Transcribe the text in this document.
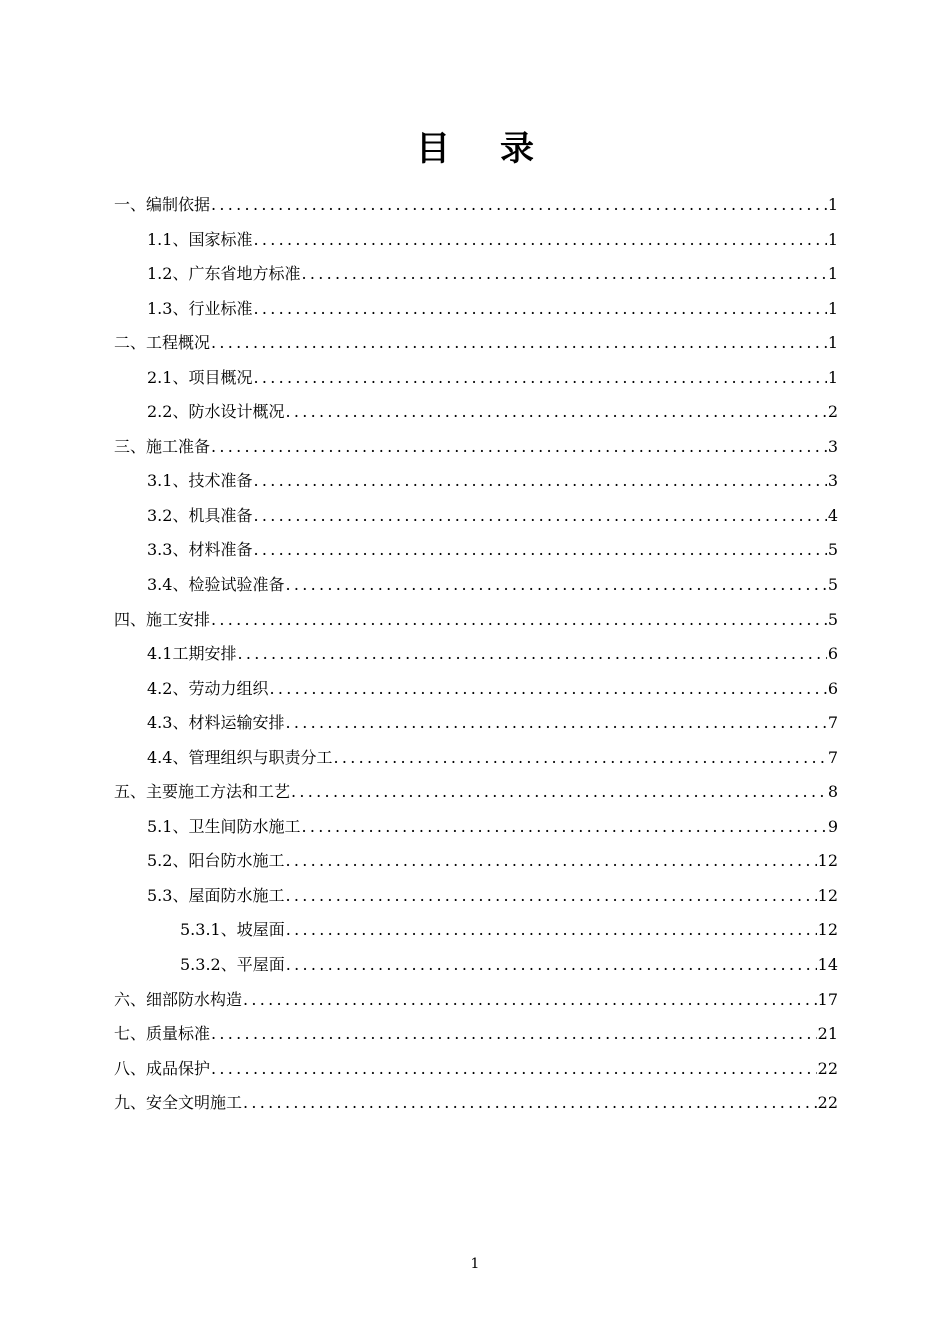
目录
一、编制依据 .....	1
1.1、国家标准 .....	1
1.2、广东省地方标准 .....	1
1.3、行业标准 .....	1
二、工程概况 .....	1
2.1、项目概况 .....	1
2.2、防水设计概况 .....	2
三、施工准备 .....	3
3.1、技术准备 .....	3
3.2、机具准备 .....	4
3.3、材料准备 .....	5
3.4、检验试验准备 .....	5
四、施工安排 .....	5
4.1工期安排 .....	6
4.2、劳动力组织 .....	6
4.3、材料运输安排 .....	7
4.4、管理组织与职责分工 .....	7
五、主要施工方法和工艺 .....	8
5.1、卫生间防水施工 .....	9
5.2、阳台防水施工 .....	12
5.3、屋面防水施工 .....	12
5.3.1、坡屋面 .....	12
5.3.2、平屋面 .....	14
六、细部防水构造 .....	17
七、质量标准 .....	21
八、成品保护 .....	22
九、安全文明施工 .....	22
1
